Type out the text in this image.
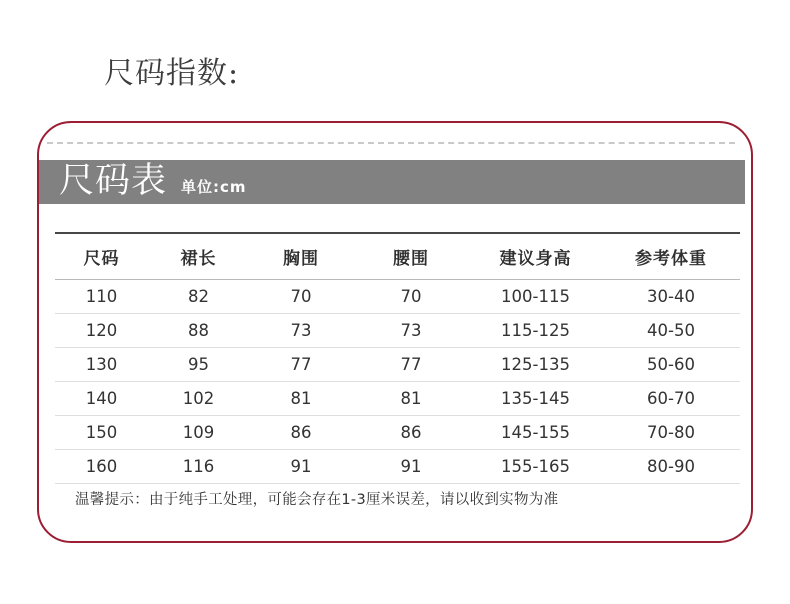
尺码指数:
尺码表 单位:cm
尺码	裙长	胸围	腰围	建议身高	参考体重
110	82	70	70	100-115	30-40
120	88	73	73	115-125	40-50
130	95	77	77	125-135	50-60
140	102	81	81	135-145	60-70
150	109	86	86	145-155	70-80
160	116	91	91	155-165	80-90
温馨提示：由于纯手工处理，可能会存在1-3厘米误差，请以收到实物为准
